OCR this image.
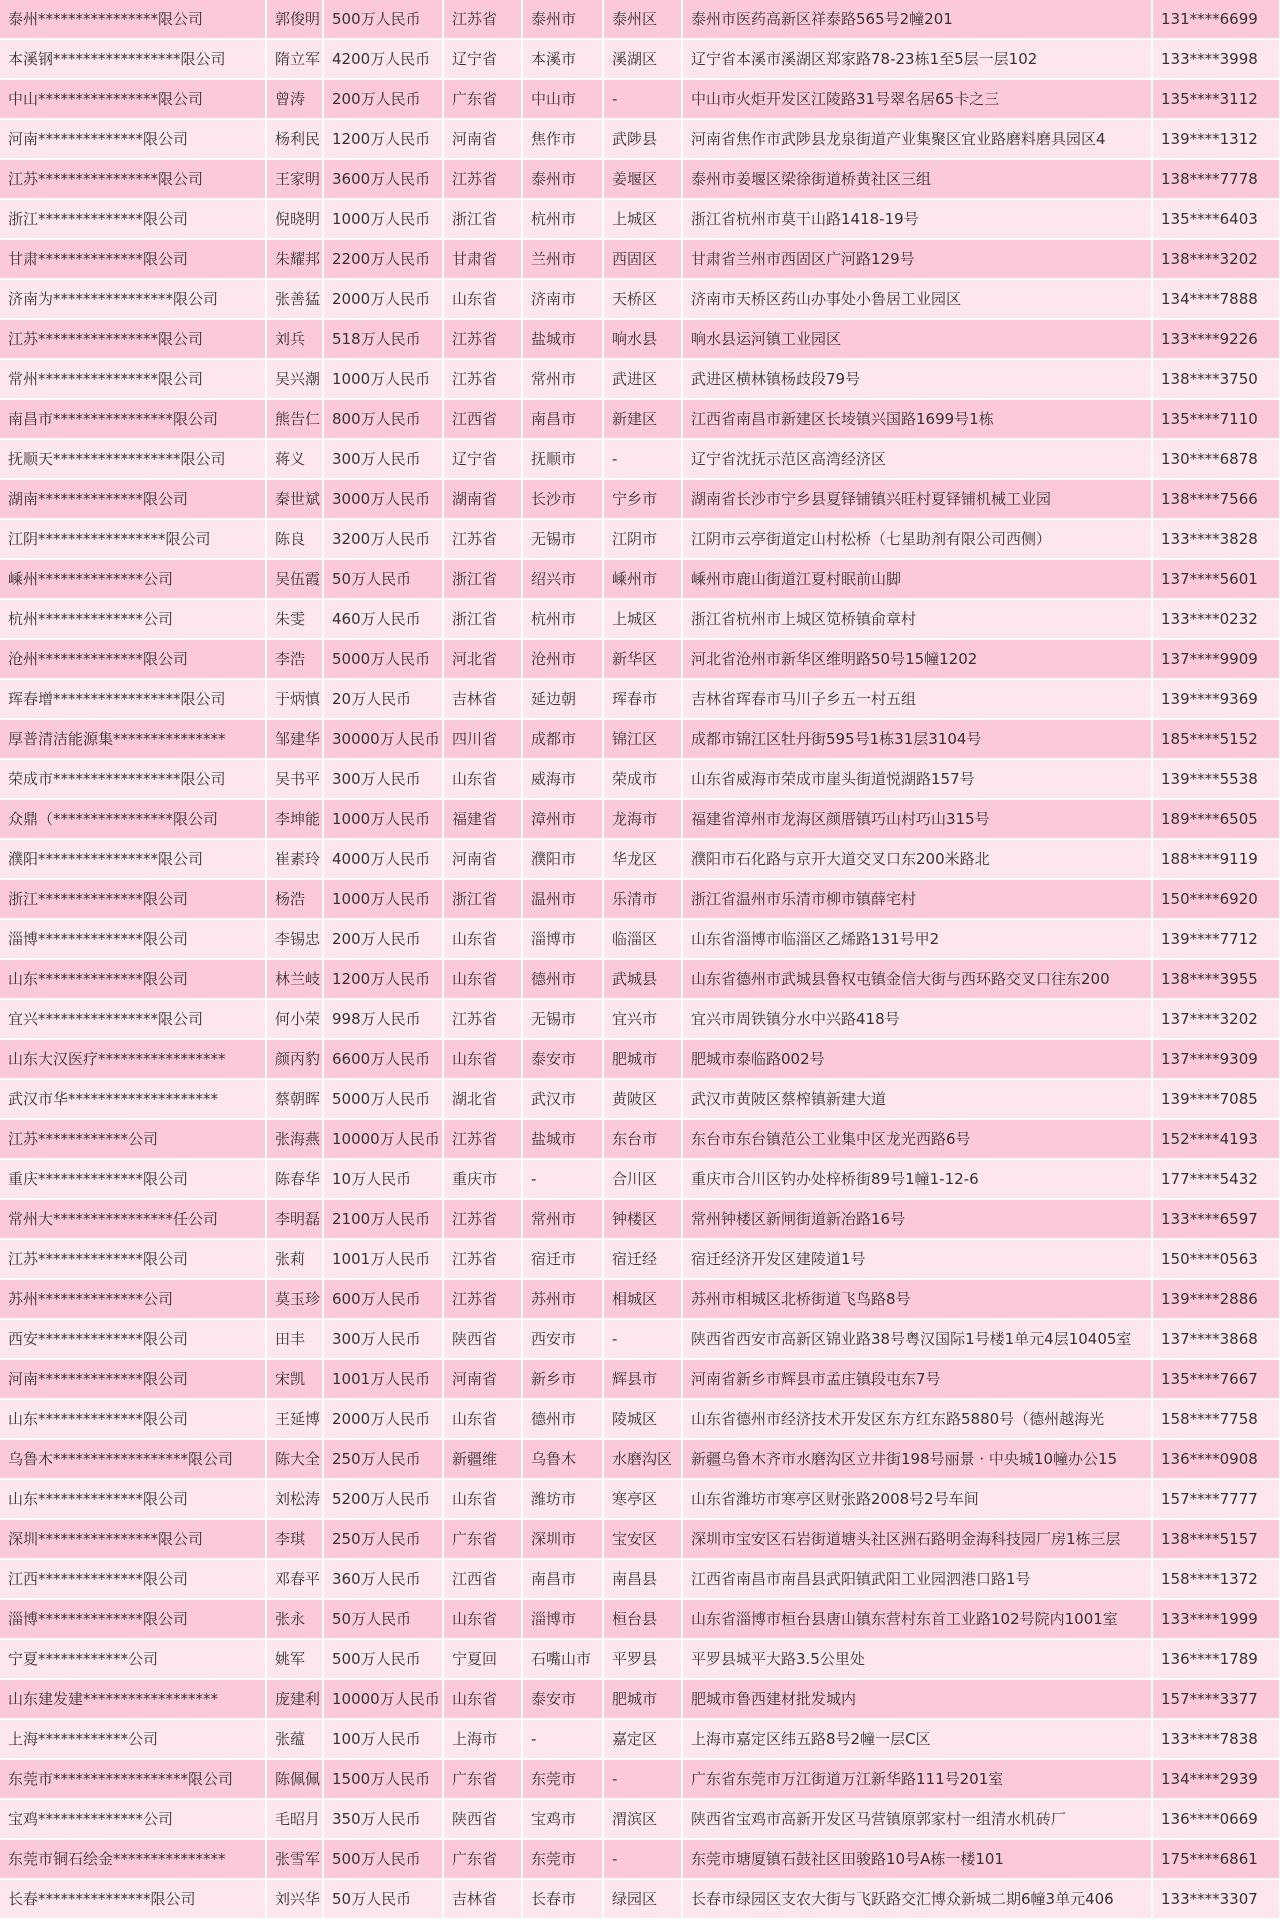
泰州****************限公司	郭俊明	500万人民币	江苏省	泰州市	泰州区	泰州市医药高新区祥泰路565号2幢201	131****6699
本溪钢*****************限公司	隋立军	4200万人民币	辽宁省	本溪市	溪湖区	辽宁省本溪市溪湖区郑家路78-23栋1至5层一层102	133****3998
中山****************限公司	曾涛	200万人民币	广东省	中山市	-	中山市火炬开发区江陵路31号翠名居65卡之三	135****3112
河南**************限公司	杨利民	1200万人民币	河南省	焦作市	武陟县	河南省焦作市武陟县龙泉街道产业集聚区宜业路磨料磨具园区4	139****1312
江苏****************限公司	王家明	3600万人民币	江苏省	泰州市	姜堰区	泰州市姜堰区梁徐街道桥黄社区三组	138****7778
浙江**************限公司	倪晓明	1000万人民币	浙江省	杭州市	上城区	浙江省杭州市莫干山路1418-19号	135****6403
甘肃**************限公司	朱耀邦	2200万人民币	甘肃省	兰州市	西固区	甘肃省兰州市西固区广河路129号	138****3202
济南为****************限公司	张善猛	2000万人民币	山东省	济南市	天桥区	济南市天桥区药山办事处小鲁居工业园区	134****7888
江苏****************限公司	刘兵	518万人民币	江苏省	盐城市	响水县	响水县运河镇工业园区	133****9226
常州****************限公司	吴兴潮	1000万人民币	江苏省	常州市	武进区	武进区横林镇杨歧段79号	138****3750
南昌市****************限公司	熊告仁	800万人民币	江西省	南昌市	新建区	江西省南昌市新建区长堎镇兴国路1699号1栋	135****7110
抚顺天*****************限公司	蒋义	300万人民币	辽宁省	抚顺市	-	辽宁省沈抚示范区高湾经济区	130****6878
湖南**************限公司	秦世斌	3000万人民币	湖南省	长沙市	宁乡市	湖南省长沙市宁乡县夏铎铺镇兴旺村夏铎铺机械工业园	138****7566
江阴*****************限公司	陈良	3200万人民币	江苏省	无锡市	江阴市	江阴市云亭街道定山村松桥（七星助剂有限公司西侧）	133****3828
嵊州**************公司	吴伍霞	50万人民币	浙江省	绍兴市	嵊州市	嵊州市鹿山街道江夏村眠前山脚	137****5601
杭州**************公司	朱雯	460万人民币	浙江省	杭州市	上城区	浙江省杭州市上城区笕桥镇俞章村	133****0232
沧州**************限公司	李浩	5000万人民币	河北省	沧州市	新华区	河北省沧州市新华区维明路50号15幢1202	137****9909
珲春增*****************限公司	于炳慎	20万人民币	吉林省	延边朝	珲春市	吉林省珲春市马川子乡五一村五组	139****9369
厚普清洁能源集***************	邹建华	30000万人民币	四川省	成都市	锦江区	成都市锦江区牡丹街595号1栋31层3104号	185****5152
荣成市*****************限公司	吴书平	300万人民币	山东省	威海市	荣成市	山东省威海市荣成市崖头街道悦湖路157号	139****5538
众鼎（****************限公司	李坤能	1000万人民币	福建省	漳州市	龙海市	福建省漳州市龙海区颜厝镇巧山村巧山315号	189****6505
濮阳****************限公司	崔素玲	4000万人民币	河南省	濮阳市	华龙区	濮阳市石化路与京开大道交叉口东200米路北	188****9119
浙江**************限公司	杨浩	1000万人民币	浙江省	温州市	乐清市	浙江省温州市乐清市柳市镇薛宅村	150****6920
淄博**************限公司	李锡忠	200万人民币	山东省	淄博市	临淄区	山东省淄博市临淄区乙烯路131号甲2	139****7712
山东**************限公司	林兰岐	1200万人民币	山东省	德州市	武城县	山东省德州市武城县鲁权屯镇金信大街与西环路交叉口往东200	138****3955
宜兴****************限公司	何小荣	998万人民币	江苏省	无锡市	宜兴市	宜兴市周铁镇分水中兴路418号	137****3202
山东大汉医疗*****************	颜丙豹	6600万人民币	山东省	泰安市	肥城市	肥城市泰临路002号	137****9309
武汉市华********************	蔡朝晖	5000万人民币	湖北省	武汉市	黄陂区	武汉市黄陂区蔡榨镇新建大道	139****7085
江苏************公司	张海燕	10000万人民币	江苏省	盐城市	东台市	东台市东台镇范公工业集中区龙光西路6号	152****4193
重庆**************限公司	陈春华	10万人民币	重庆市	-	合川区	重庆市合川区钓办处梓桥街89号1幢1-12-6	177****5432
常州大****************任公司	李明磊	2100万人民币	江苏省	常州市	钟楼区	常州钟楼区新闸街道新冶路16号	133****6597
江苏**************限公司	张莉	1001万人民币	江苏省	宿迁市	宿迁经	宿迁经济开发区建陵道1号	150****0563
苏州**************公司	莫玉珍	600万人民币	江苏省	苏州市	相城区	苏州市相城区北桥街道飞鸟路8号	139****2886
西安**************限公司	田丰	300万人民币	陕西省	西安市	-	陕西省西安市高新区锦业路38号粤汉国际1号楼1单元4层10405室	137****3868
河南**************限公司	宋凯	1001万人民币	河南省	新乡市	辉县市	河南省新乡市辉县市孟庄镇段屯东7号	135****7667
山东**************限公司	王延博	2000万人民币	山东省	德州市	陵城区	山东省德州市经济技术开发区东方红东路5880号（德州越海光	158****7758
乌鲁木******************限公司	陈大全	250万人民币	新疆维	乌鲁木	水磨沟区	新疆乌鲁木齐市水磨沟区立井街198号丽景 · 中央城10幢办公15	136****0908
山东**************限公司	刘松涛	5200万人民币	山东省	潍坊市	寒亭区	山东省潍坊市寒亭区财张路2008号2号车间	157****7777
深圳****************限公司	李琪	250万人民币	广东省	深圳市	宝安区	深圳市宝安区石岩街道塘头社区洲石路明金海科技园厂房1栋三层	138****5157
江西**************限公司	邓春平	360万人民币	江西省	南昌市	南昌县	江西省南昌市南昌县武阳镇武阳工业园泗港口路1号	158****1372
淄博**************限公司	张永	50万人民币	山东省	淄博市	桓台县	山东省淄博市桓台县唐山镇东营村东首工业路102号院内1001室	133****1999
宁夏************公司	姚军	500万人民币	宁夏回	石嘴山市	平罗县	平罗县城平大路3.5公里处	136****1789
山东建发建******************	庞建利	10000万人民币	山东省	泰安市	肥城市	肥城市鲁西建材批发城内	157****3377
上海************公司	张蕴	100万人民币	上海市	-	嘉定区	上海市嘉定区纬五路8号2幢一层C区	133****7838
东莞市******************限公司	陈佩佩	1500万人民币	广东省	东莞市	-	广东省东莞市万江街道万江新华路111号201室	134****2939
宝鸡**************公司	毛昭月	350万人民币	陕西省	宝鸡市	渭滨区	陕西省宝鸡市高新开发区马营镇原郭家村一组清水机砖厂	136****0669
东莞市铜石绘金***************	张雪军	500万人民币	广东省	东莞市	-	东莞市塘厦镇石鼓社区田骏路10号A栋一楼101	175****6861
长春***************限公司	刘兴华	50万人民币	吉林省	长春市	绿园区	长春市绿园区支农大街与飞跃路交汇博众新城二期6幢3单元406	133****3307
